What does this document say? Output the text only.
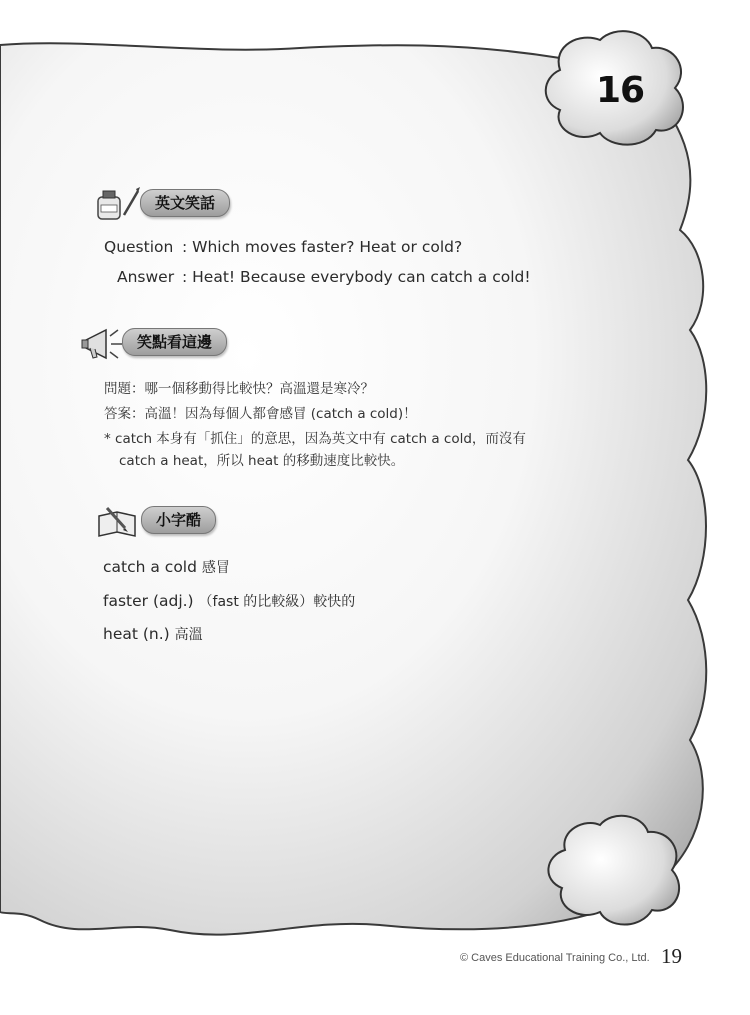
16
英文笑話
Question : Which moves faster? Heat or cold?
Answer : Heat! Because everybody can catch a cold!
笑點看這邊
問題：哪一個移動得比較快？高溫還是寒冷？
答案：高溫！因為每個人都會感冒 (catch a cold)！
* catch 本身有「抓住」的意思，因為英文中有 catch a cold，而沒有
catch a heat，所以 heat 的移動速度比較快。
小字酷
catch a cold 感冒
faster (adj.) （fast 的比較級）較快的
heat (n.) 高溫
© Caves Educational Training Co., Ltd. 19
